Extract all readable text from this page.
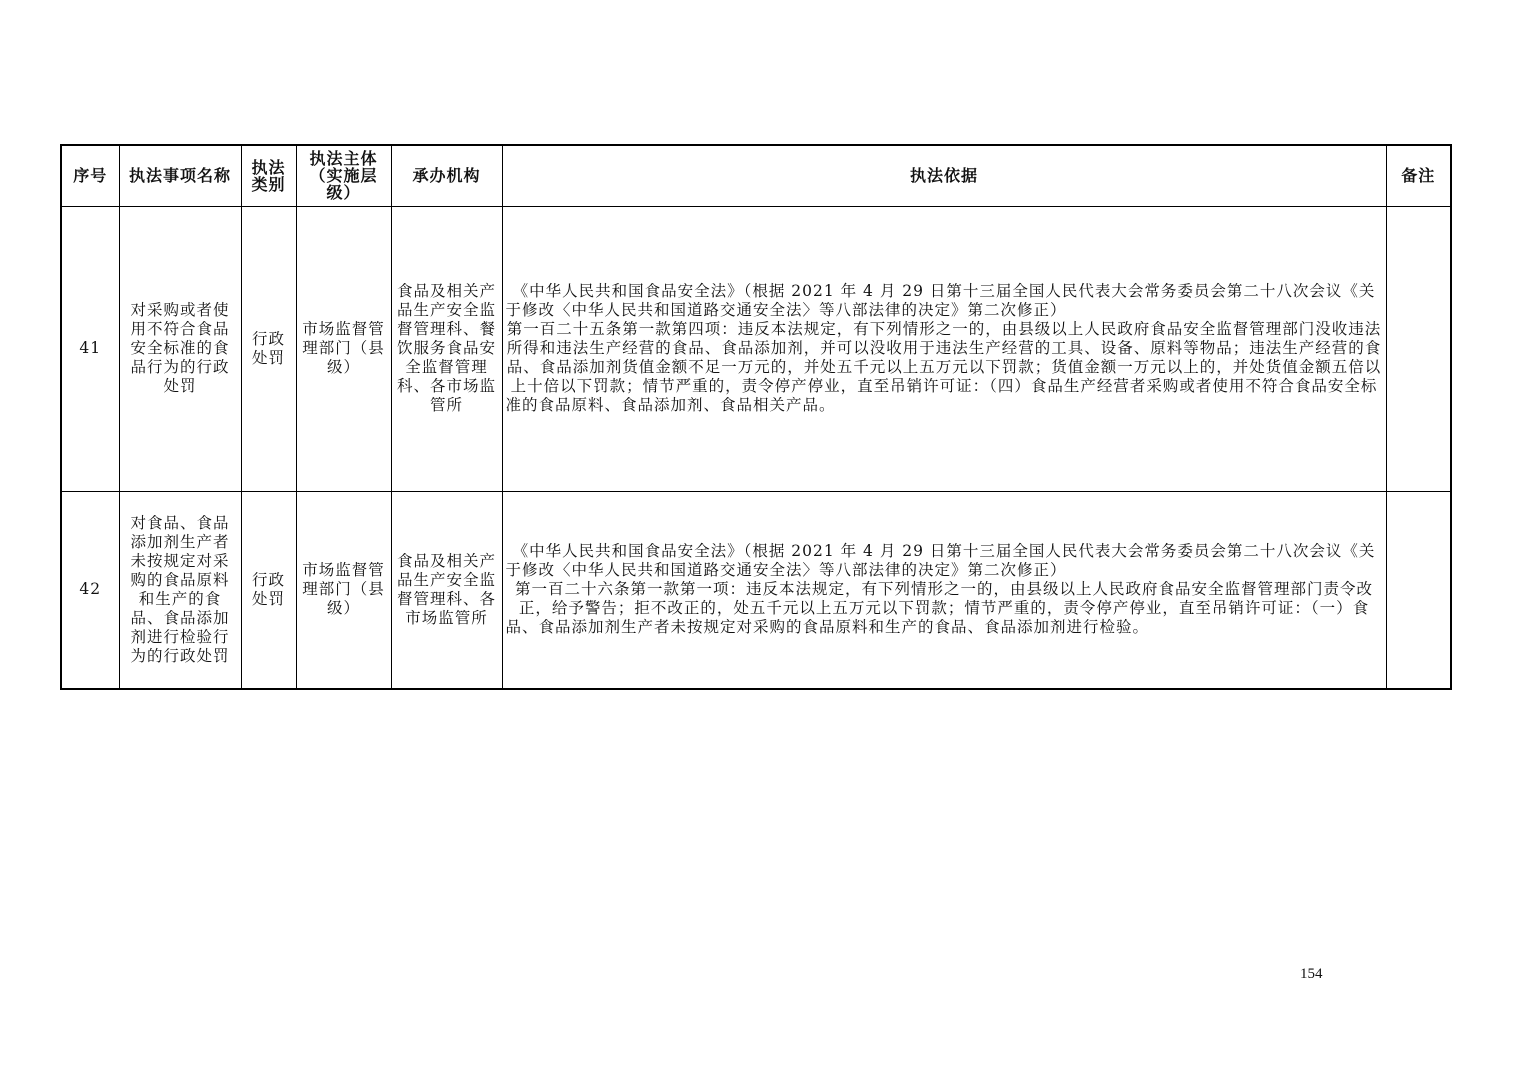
序号	执法事项名称	执法类别	执法主体（实施层级）	承办机构	执法依据	备注
41	对采购或者使用不符合食品安全标准的食品行为的行政处罚	行政处罚	市场监督管理部门（县级）	食品及相关产品生产安全监督管理科、餐饮服务食品安全监督管理科、各市场监管所	《中华人民共和国食品安全法》（根据 2021 年 4 月 29 日第十三届全国人民代表大会常务委员会第二十八次会议《关于修改〈中华人民共和国道路交通安全法〉等八部法律的决定》第二次修正）

第一百二十五条第一款第四项：违反本法规定，有下列情形之一的，由县级以上人民政府食品安全监督管理部门没收违法所得和违法生产经营的食品、食品添加剂，并可以没收用于违法生产经营的工具、设备、原料等物品；违法生产经营的食品、食品添加剂货值金额不足一万元的，并处五千元以上五万元以下罚款；货值金额一万元以上的，并处货值金额五倍以上十倍以下罚款；情节严重的，责令停产停业，直至吊销许可证：（四）食品生产经营者采购或者使用不符合食品安全标准的食品原料、食品添加剂、食品相关产品。	

42	对食品、食品添加剂生产者未按规定对采购的食品原料和生产的食品、食品添加剂进行检验行为的行政处罚	行政处罚	市场监督管理部门（县级）	食品及相关产品生产安全监督管理科、各市场监管所	《中华人民共和国食品安全法》（根据 2021 年 4 月 29 日第十三届全国人民代表大会常务委员会第二十八次会议《关于修改〈中华人民共和国道路交通安全法〉等八部法律的决定》第二次修正）

第一百二十六条第一款第一项：违反本法规定，有下列情形之一的，由县级以上人民政府食品安全监督管理部门责令改正，给予警告；拒不改正的，处五千元以上五万元以下罚款；情节严重的，责令停产停业，直至吊销许可证：（一）食品、食品添加剂生产者未按规定对采购的食品原料和生产的食品、食品添加剂进行检验。	

154
